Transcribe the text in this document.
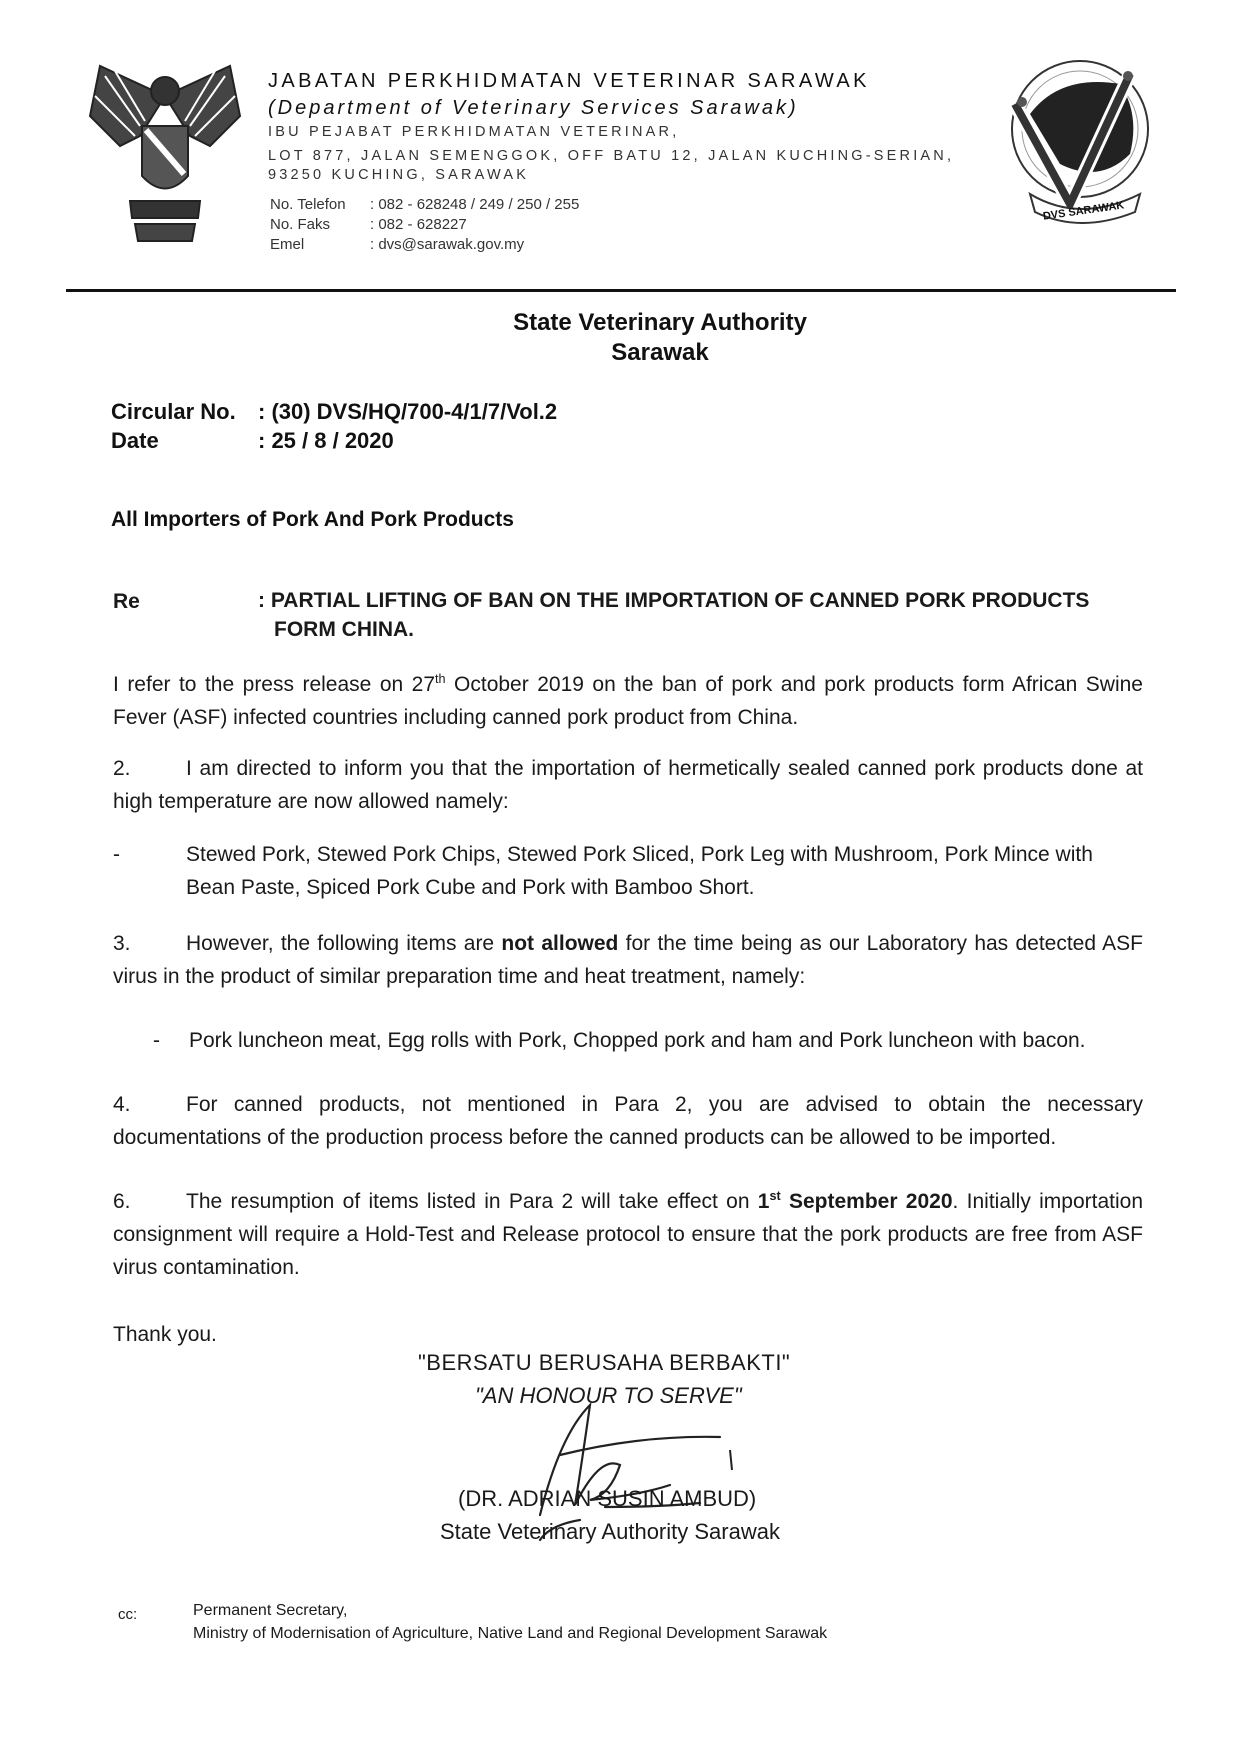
JABATAN PERKHIDMATAN VETERINAR SARAWAK
(Department of Veterinary Services Sarawak)
IBU PEJABAT PERKHIDMATAN VETERINAR,
LOT 877, JALAN SEMENGGOK, OFF BATU 12, JALAN KUCHING-SERIAN,
93250 KUCHING, SARAWAK
No. Telefon : 082 - 628248 / 249 / 250 / 255
No. Faks	: 082 - 628227
Emel	: dvs@sarawak.gov.my
DVS SARAWAK
State Veterinary Authority
Sarawak
Circular No. : (30) DVS/HQ/700-4/1/7/Vol.2
Date	: 25 / 8 / 2020
All Importers of Pork And Pork Products
Re	: PARTIAL LIFTING OF BAN ON THE IMPORTATION OF CANNED PORK PRODUCTS
FORM CHINA.
I refer to the press release on 27th October 2019 on the ban of pork and pork products form African Swine Fever (ASF) infected countries including canned pork product from China.
2.	I am directed to inform you that the importation of hermetically sealed canned pork products done at high temperature are now allowed namely:
-	Stewed Pork, Stewed Pork Chips, Stewed Pork Sliced, Pork Leg with Mushroom, Pork Mince with Bean Paste, Spiced Pork Cube and Pork with Bamboo Short.
3.	However, the following items are not allowed for the time being as our Laboratory has detected ASF virus in the product of similar preparation time and heat treatment, namely:
- Pork luncheon meat, Egg rolls with Pork, Chopped pork and ham and Pork luncheon with bacon.
4.	For canned products, not mentioned in Para 2, you are advised to obtain the necessary documentations of the production process before the canned products can be allowed to be imported.
6.	The resumption of items listed in Para 2 will take effect on 1st September 2020. Initially importation consignment will require a Hold-Test and Release protocol to ensure that the pork products are free from ASF virus contamination.
Thank you.
"BERSATU BERUSAHA BERBAKTI"
"AN HONOUR TO SERVE"
(DR. ADRIAN SUSIN AMBUD)
State Veterinary Authority Sarawak
cc:	Permanent Secretary,
Ministry of Modernisation of Agriculture, Native Land and Regional Development Sarawak
